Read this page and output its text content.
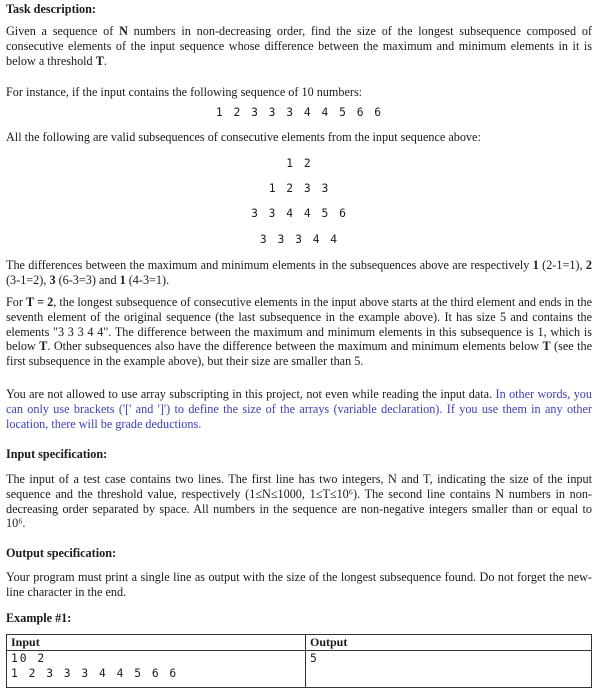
Task description:
Given a sequence of N numbers in non-decreasing order, find the size of the longest subsequence composed of consecutive elements of the input sequence whose difference between the maximum and minimum elements in it is below a threshold T.
For instance, if the input contains the following sequence of 10 numbers:
1 2 3 3 3 4 4 5 6 6
All the following are valid subsequences of consecutive elements from the input sequence above:
1 2
1 2 3 3
3 3 4 4 5 6
3 3 3 4 4
The differences between the maximum and minimum elements in the subsequences above are respectively 1 (2-1=1), 2 (3-1=2), 3 (6-3=3) and 1 (4-3=1).
For T = 2, the longest subsequence of consecutive elements in the input above starts at the third element and ends in the seventh element of the original sequence (the last subsequence in the example above). It has size 5 and contains the elements "3 3 3 4 4". The difference between the maximum and minimum elements in this subsequence is 1, which is below T. Other subsequences also have the difference between the maximum and minimum elements below T (see the first subsequence in the example above), but their size are smaller than 5.
You are not allowed to use array subscripting in this project, not even while reading the input data. In other words, you can only use brackets ('[' and ']') to define the size of the arrays (variable declaration). If you use them in any other location, there will be grade deductions.
Input specification:
The input of a test case contains two lines. The first line has two integers, N and T, indicating the size of the input sequence and the threshold value, respectively (1≤N≤1000, 1≤T≤10⁶). The second line contains N numbers in non-decreasing order separated by space. All numbers in the sequence are non-negative integers smaller than or equal to 10⁶.
Output specification:
Your program must print a single line as output with the size of the longest subsequence found. Do not forget the new-line character in the end.
Example #1:
Input	Output

10 2
1 2 3 3 3 4 4 5 6 6	5
